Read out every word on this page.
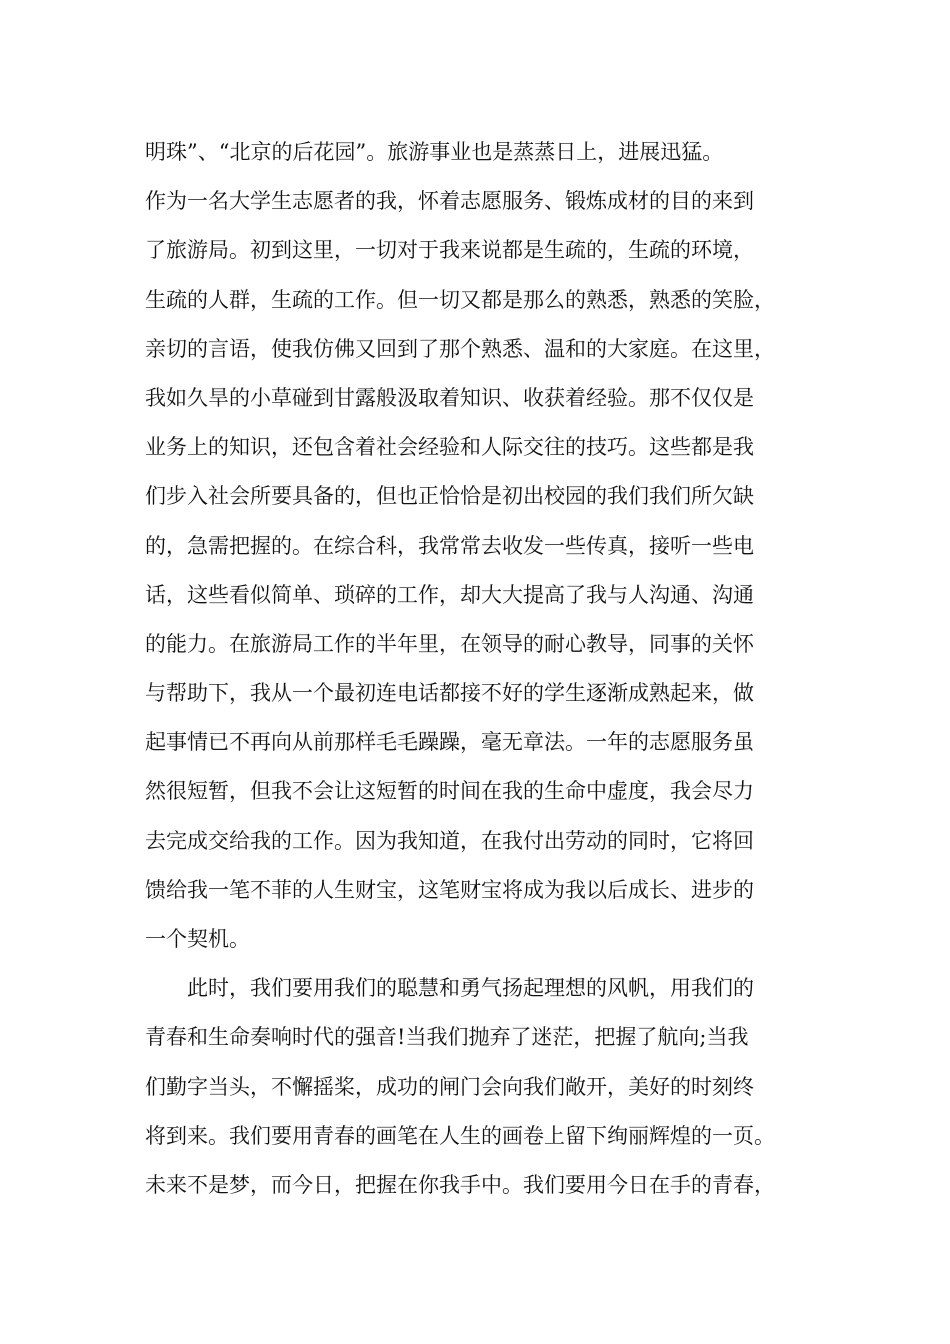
明珠”、“北京的后花园”。旅游事业也是蒸蒸日上，进展迅猛。
作为一名大学生志愿者的我，怀着志愿服务、锻炼成材的目的来到
了旅游局。初到这里，一切对于我来说都是生疏的，生疏的环境，
生疏的人群，生疏的工作。但一切又都是那么的熟悉，熟悉的笑脸，
亲切的言语，使我仿佛又回到了那个熟悉、温和的大家庭。在这里，
我如久旱的小草碰到甘露般汲取着知识、收获着经验。那不仅仅是
业务上的知识，还包含着社会经验和人际交往的技巧。这些都是我
们步入社会所要具备的，但也正恰恰是初出校园的我们我们所欠缺
的，急需把握的。在综合科，我常常去收发一些传真，接听一些电
话，这些看似简单、琐碎的工作，却大大提高了我与人沟通、沟通
的能力。在旅游局工作的半年里，在领导的耐心教导，同事的关怀
与帮助下，我从一个最初连电话都接不好的学生逐渐成熟起来，做
起事情已不再向从前那样毛毛躁躁，毫无章法。一年的志愿服务虽
然很短暂，但我不会让这短暂的时间在我的生命中虚度，我会尽力
去完成交给我的工作。因为我知道，在我付出劳动的同时，它将回
馈给我一笔不菲的人生财宝，这笔财宝将成为我以后成长、进步的
一个契机。
此时，我们要用我们的聪慧和勇气扬起理想的风帆，用我们的
青春和生命奏响时代的强音!当我们抛弃了迷茫，把握了航向;当我
们勤字当头，不懈摇桨，成功的闸门会向我们敞开，美好的时刻终
将到来。我们要用青春的画笔在人生的画卷上留下绚丽辉煌的一页。
未来不是梦，而今日，把握在你我手中。我们要用今日在手的青春，
